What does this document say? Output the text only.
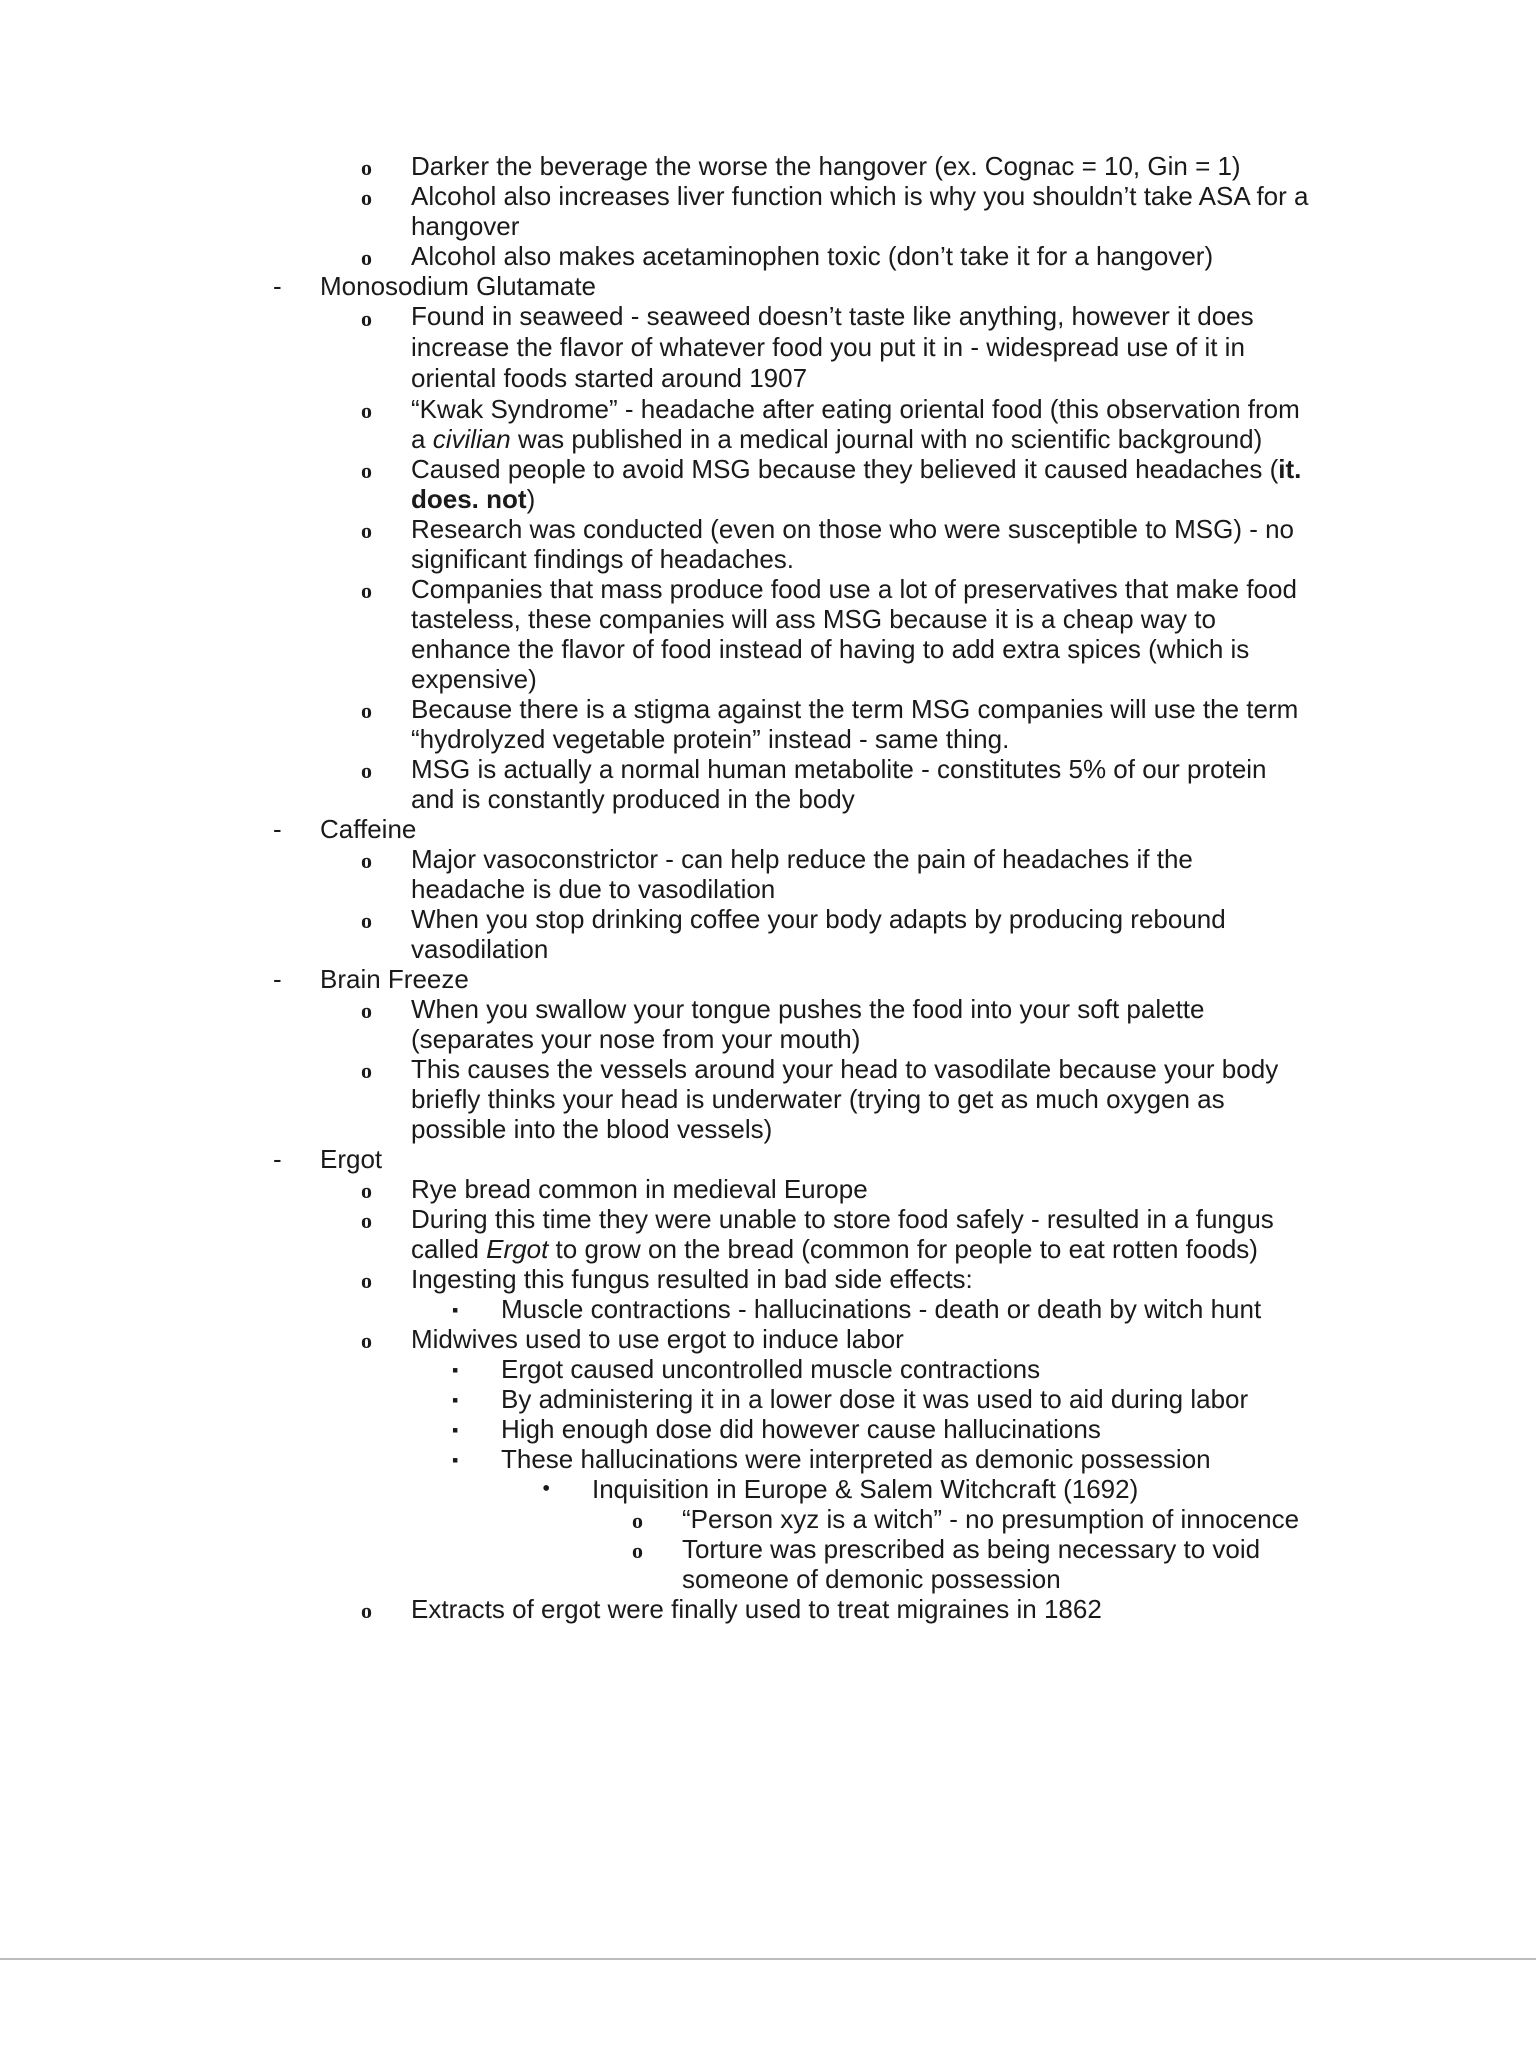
o Darker the beverage the worse the hangover (ex. Cognac = 10, Gin = 1)
o Alcohol also increases liver function which is why you shouldn’t take ASA for a hangover
o Alcohol also makes acetaminophen toxic (don’t take it for a hangover)
- Monosodium Glutamate
o Found in seaweed - seaweed doesn’t taste like anything, however it does increase the flavor of whatever food you put it in - widespread use of it in oriental foods started around 1907
o “Kwak Syndrome” - headache after eating oriental food (this observation from a civilian was published in a medical journal with no scientific background)
o Caused people to avoid MSG because they believed it caused headaches (it. does. not)
o Research was conducted (even on those who were susceptible to MSG) - no significant findings of headaches.
o Companies that mass produce food use a lot of preservatives that make food tasteless, these companies will ass MSG because it is a cheap way to enhance the flavor of food instead of having to add extra spices (which is expensive)
o Because there is a stigma against the term MSG companies will use the term “hydrolyzed vegetable protein” instead - same thing.
o MSG is actually a normal human metabolite - constitutes 5% of our protein and is constantly produced in the body
- Caffeine
o Major vasoconstrictor - can help reduce the pain of headaches if the headache is due to vasodilation
o When you stop drinking coffee your body adapts by producing rebound vasodilation
- Brain Freeze
o When you swallow your tongue pushes the food into your soft palette (separates your nose from your mouth)
o This causes the vessels around your head to vasodilate because your body briefly thinks your head is underwater (trying to get as much oxygen as possible into the blood vessels)
- Ergot
o Rye bread common in medieval Europe
o During this time they were unable to store food safely - resulted in a fungus called Ergot to grow on the bread (common for people to eat rotten foods)
o Ingesting this fungus resulted in bad side effects:
▪ Muscle contractions - hallucinations - death or death by witch hunt
o Midwives used to use ergot to induce labor
▪ Ergot caused uncontrolled muscle contractions
▪ By administering it in a lower dose it was used to aid during labor
▪ High enough dose did however cause hallucinations
▪ These hallucinations were interpreted as demonic possession
• Inquisition in Europe & Salem Witchcraft (1692)
o “Person xyz is a witch” - no presumption of innocence
o Torture was prescribed as being necessary to void someone of demonic possession
o Extracts of ergot were finally used to treat migraines in 1862
